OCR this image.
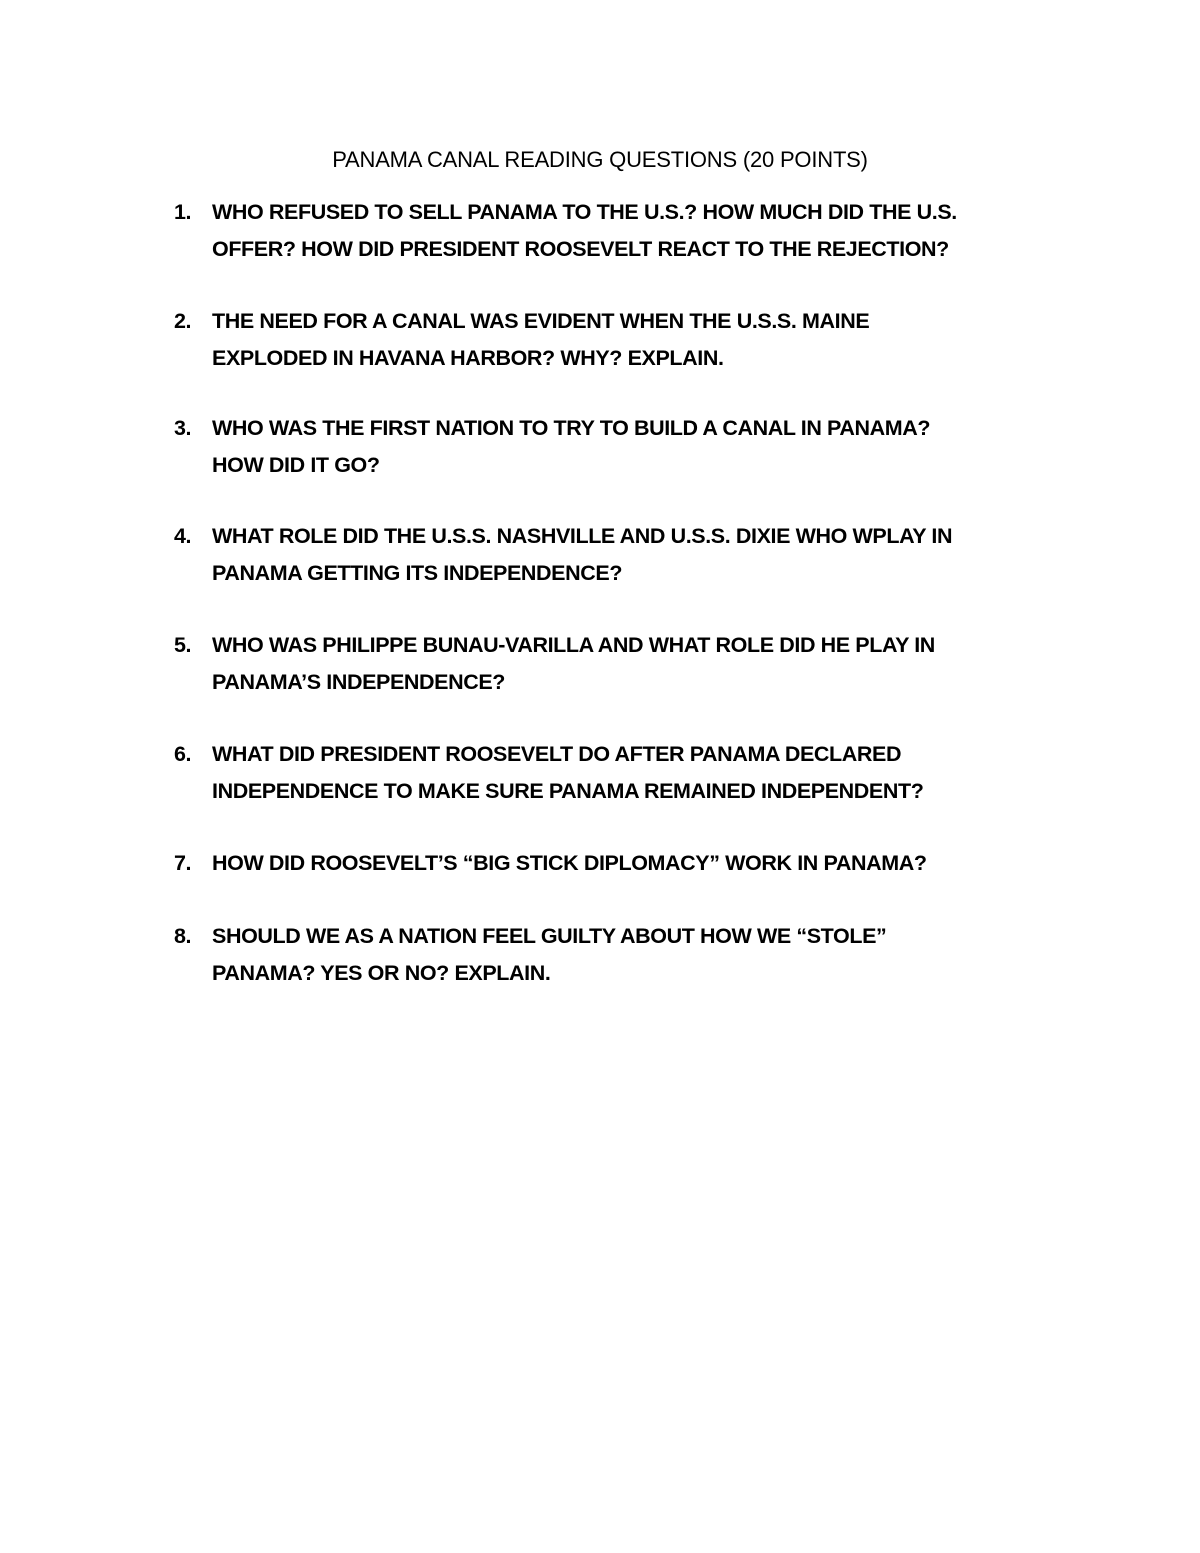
PANAMA CANAL READING QUESTIONS (20 POINTS)
1. WHO REFUSED TO SELL PANAMA TO THE U.S.? HOW MUCH DID THE U.S.
OFFER? HOW DID PRESIDENT ROOSEVELT REACT TO THE REJECTION?
2. THE NEED FOR A CANAL WAS EVIDENT WHEN THE U.S.S. MAINE
EXPLODED IN HAVANA HARBOR? WHY? EXPLAIN.
3. WHO WAS THE FIRST NATION TO TRY TO BUILD A CANAL IN PANAMA?
HOW DID IT GO?
4. WHAT ROLE DID THE U.S.S. NASHVILLE AND U.S.S. DIXIE WHO WPLAY IN
PANAMA GETTING ITS INDEPENDENCE?
5. WHO WAS PHILIPPE BUNAU-VARILLA AND WHAT ROLE DID HE PLAY IN
PANAMA’S INDEPENDENCE?
6. WHAT DID PRESIDENT ROOSEVELT DO AFTER PANAMA DECLARED
INDEPENDENCE TO MAKE SURE PANAMA REMAINED INDEPENDENT?
7. HOW DID ROOSEVELT’S “BIG STICK DIPLOMACY” WORK IN PANAMA?
8. SHOULD WE AS A NATION FEEL GUILTY ABOUT HOW WE “STOLE”
PANAMA? YES OR NO? EXPLAIN.
